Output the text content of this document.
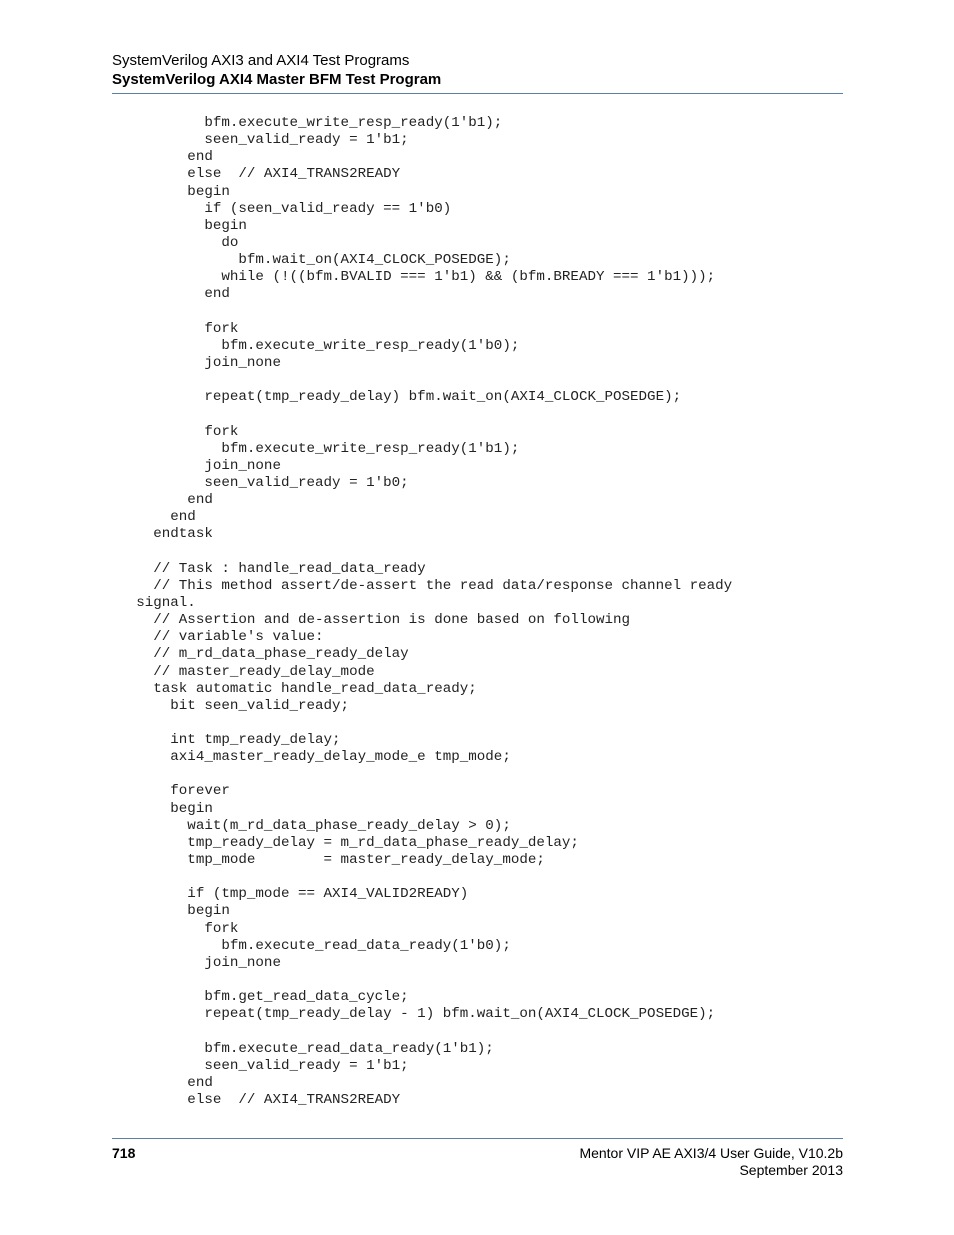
SystemVerilog AXI3 and AXI4 Test Programs
SystemVerilog AXI4 Master BFM Test Program
bfm.execute_write_resp_ready(1'b1);
seen_valid_ready = 1'b1;
end
else  // AXI4_TRANS2READY
begin
if (seen_valid_ready == 1'b0)
begin
do
bfm.wait_on(AXI4_CLOCK_POSEDGE);
while (!((bfm.BVALID === 1'b1) && (bfm.BREADY === 1'b1)));
end
fork
bfm.execute_write_resp_ready(1'b0);
join_none
repeat(tmp_ready_delay) bfm.wait_on(AXI4_CLOCK_POSEDGE);
fork
bfm.execute_write_resp_ready(1'b1);
join_none
seen_valid_ready = 1'b0;
end
end
endtask
// Task : handle_read_data_ready
// This method assert/de-assert the read data/response channel ready
signal.
// Assertion and de-assertion is done based on following
// variable's value:
// m_rd_data_phase_ready_delay
// master_ready_delay_mode
task automatic handle_read_data_ready;
bit seen_valid_ready;
int tmp_ready_delay;
axi4_master_ready_delay_mode_e tmp_mode;
forever
begin
wait(m_rd_data_phase_ready_delay > 0);
tmp_ready_delay = m_rd_data_phase_ready_delay;
tmp_mode        = master_ready_delay_mode;
if (tmp_mode == AXI4_VALID2READY)
begin
fork
bfm.execute_read_data_ready(1'b0);
join_none
bfm.get_read_data_cycle;
repeat(tmp_ready_delay - 1) bfm.wait_on(AXI4_CLOCK_POSEDGE);
bfm.execute_read_data_ready(1'b1);
seen_valid_ready = 1'b1;
end
else  // AXI4_TRANS2READY
718	Mentor VIP AE AXI3/4 User Guide, V10.2b
September 2013
